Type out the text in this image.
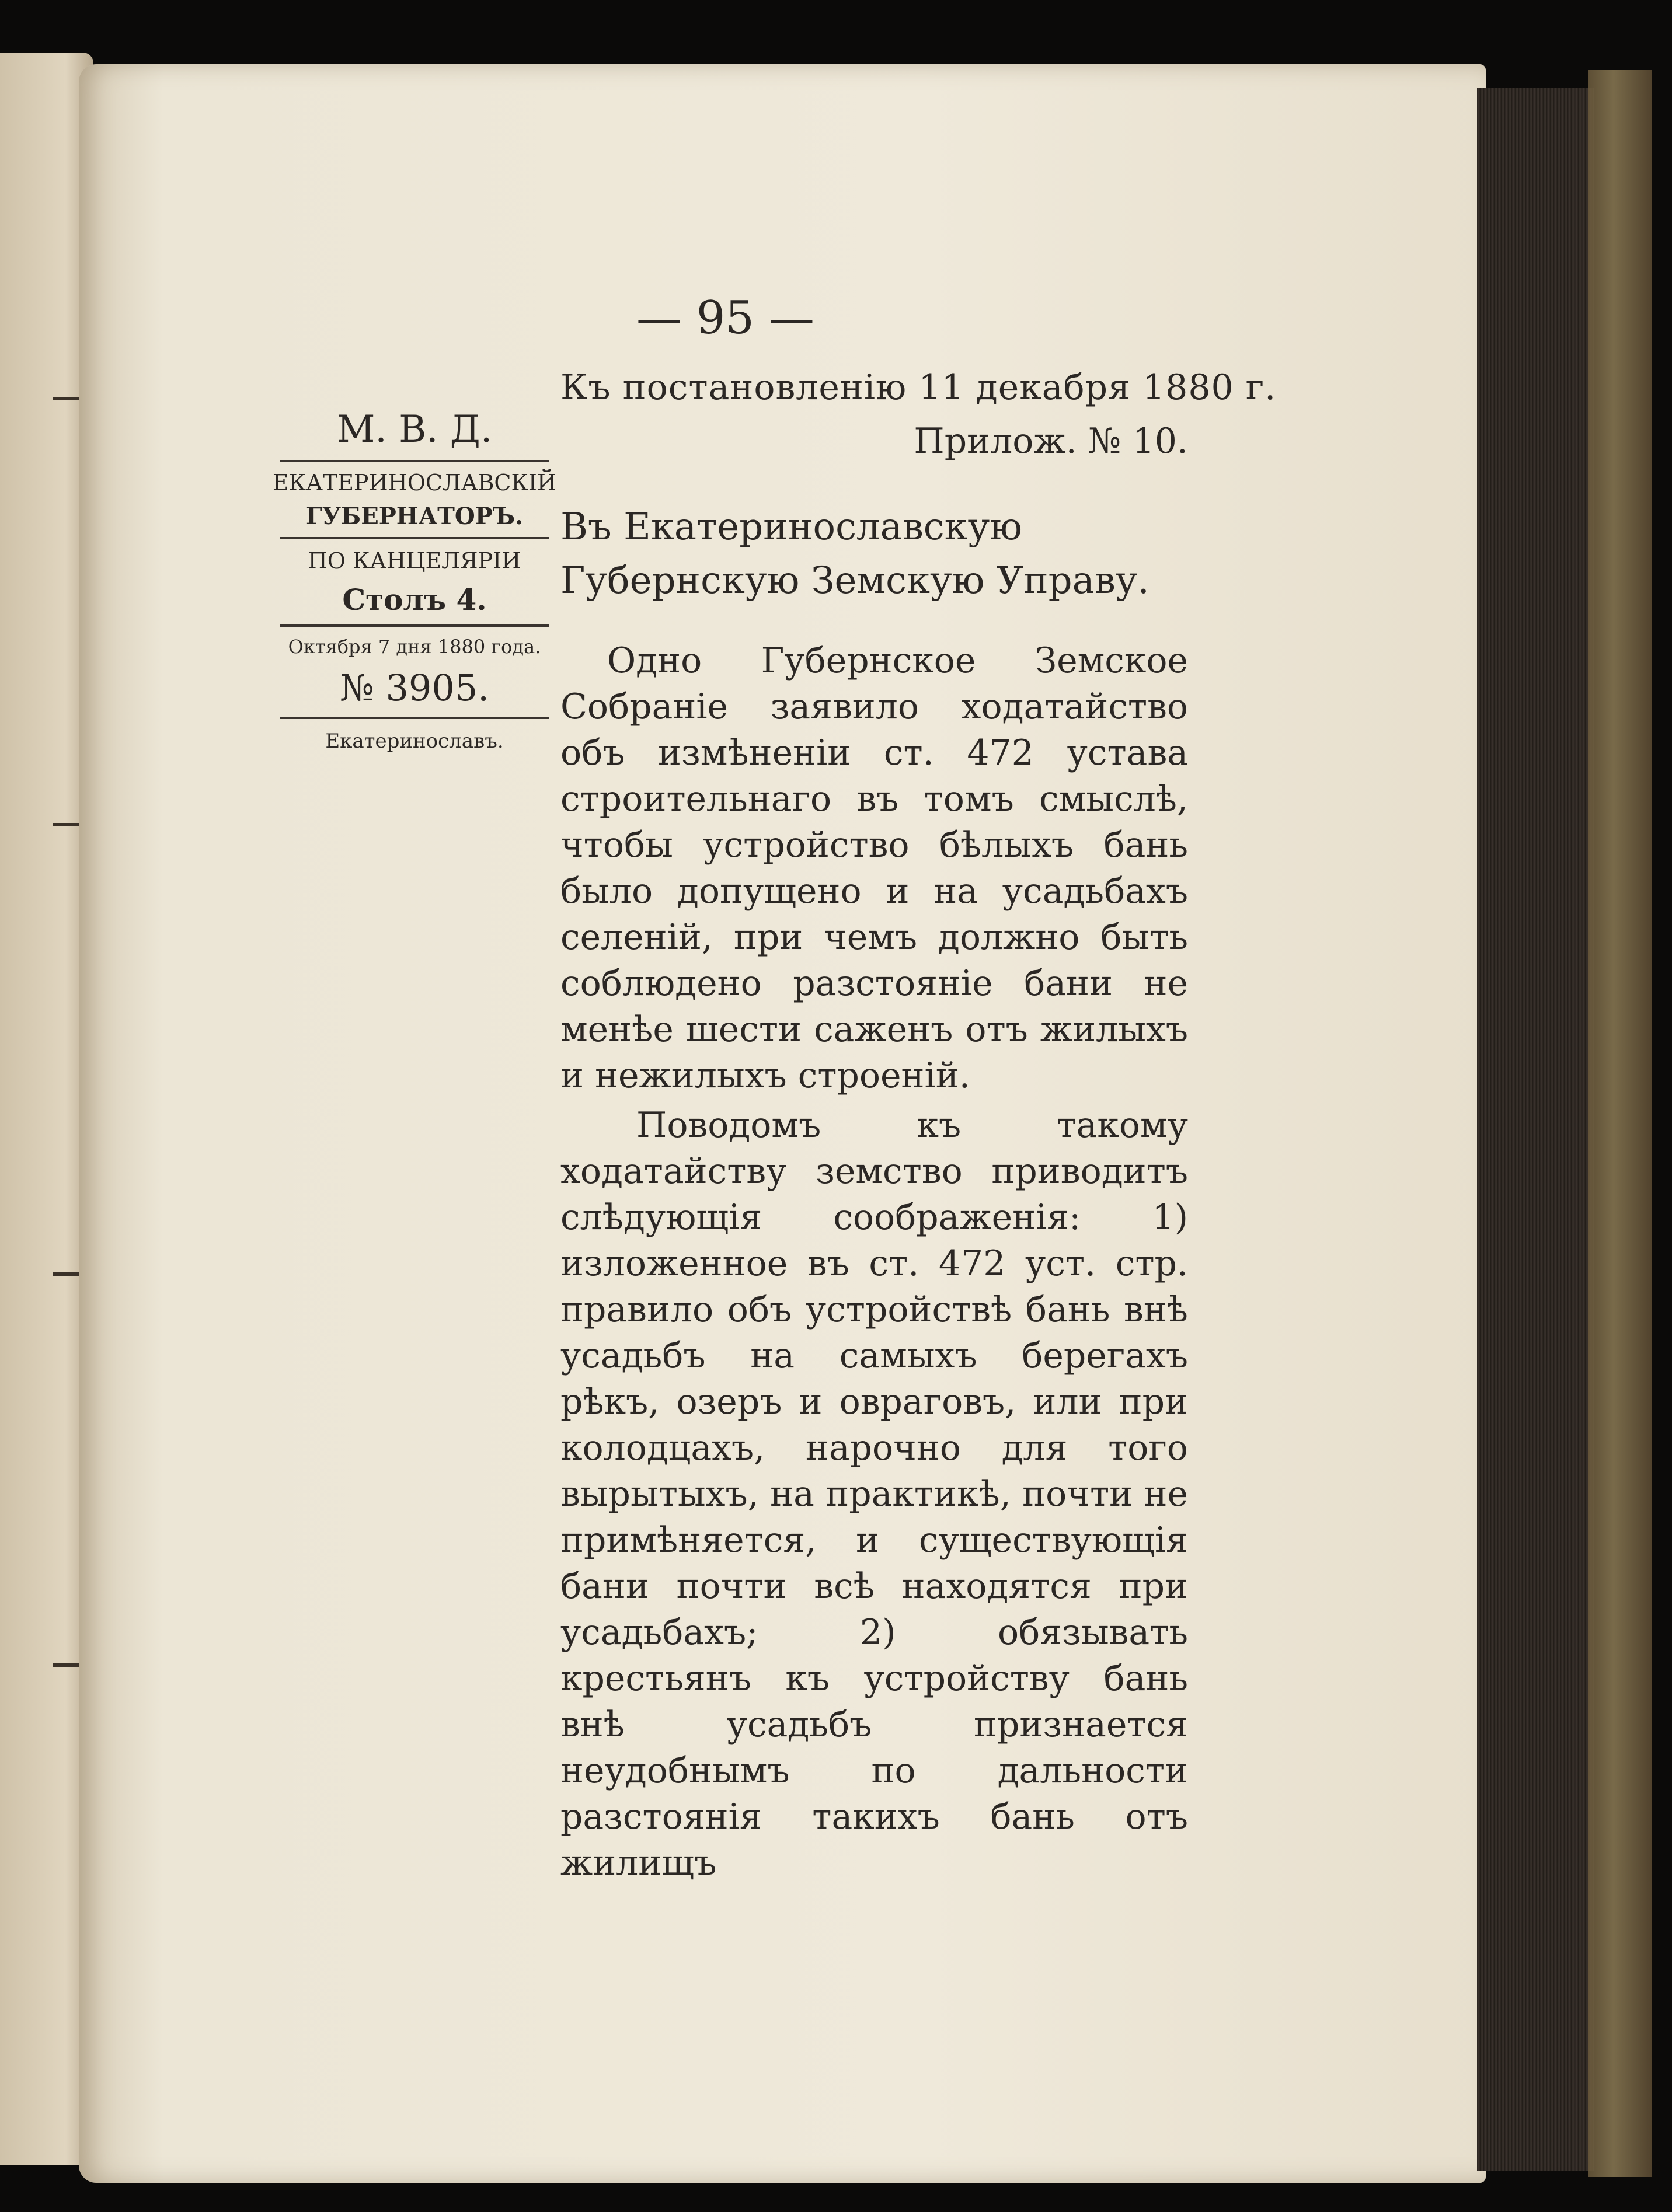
— 95 —
М. В. Д.
ЕКАТЕРИНОСЛАВСКІЙ
ГУБЕРНАТОРЪ.
ПО КАНЦЕЛЯРІИ
Столъ 4.
Октября 7 дня 1880 года.
№ 3905.
Екатеринославъ.
Къ постановленію 11 декабря 1880 г.
Прилож. № 10.
Въ Екатеринославскую Губернскую Земскую Управу.
Одно Губернское Земское Собраніе заявило ходатайство объ измѣненіи ст. 472 устава строительнаго въ томъ смыслѣ, чтобы устройство бѣлыхъ бань было допущено и на усадьбахъ селеній, при чемъ должно быть соблюдено разстояніе бани не менѣе шести саженъ отъ жилыхъ и нежилыхъ строеній.
Поводомъ къ такому ходатайству земство приводитъ слѣдующія соображенія: 1) изложенное въ ст. 472 уст. стр. правило объ устройствѣ бань внѣ усадьбъ на самыхъ берегахъ рѣкъ, озеръ и овраговъ, или при колодцахъ, нарочно для того вырытыхъ, на практикѣ, почти не примѣняется, и существующія бани почти всѣ находятся при усадьбахъ; 2) обязывать крестьянъ къ устройству бань внѣ усадьбъ признается неудобнымъ по дальности разстоянія такихъ бань отъ жилищъ
